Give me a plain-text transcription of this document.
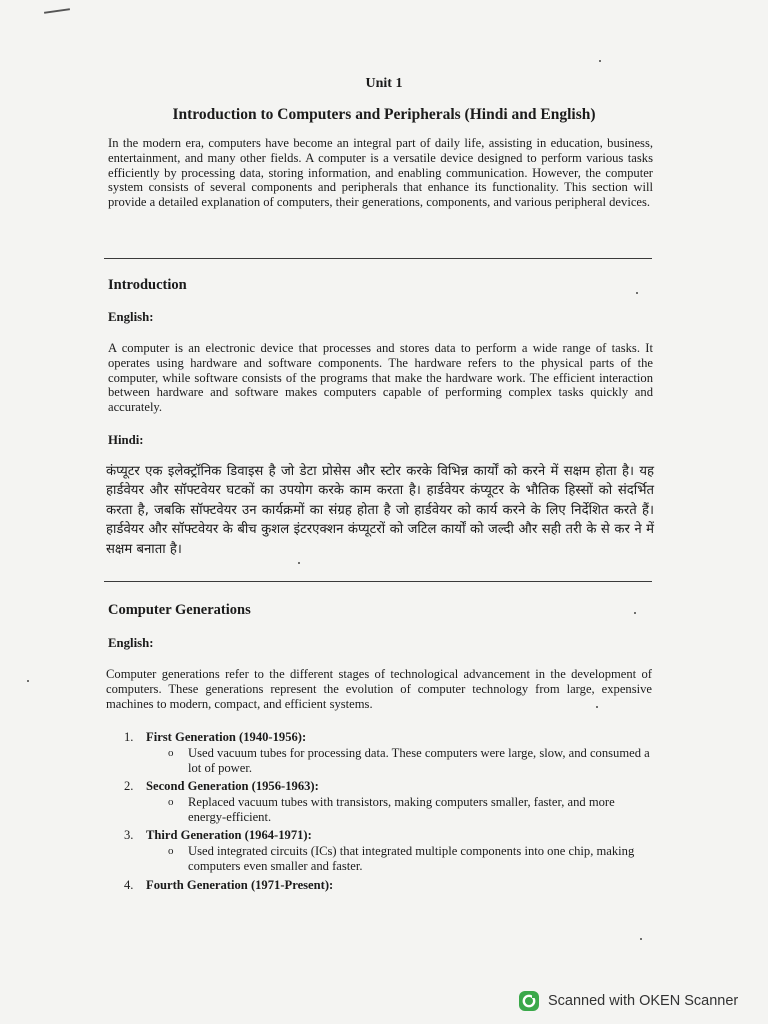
Unit 1
Introduction to Computers and Peripherals (Hindi and English)

In the modern era, computers have become an integral part of daily life, assisting in education, business, entertainment, and many other fields. A computer is a versatile device designed to perform various tasks efficiently by processing data, storing information, and enabling communication. However, the computer system consists of several components and peripherals that enhance its functionality. This section will provide a detailed explanation of computers, their generations, components, and various peripheral devices.

Introduction
English:

A computer is an electronic device that processes and stores data to perform a wide range of tasks. It operates using hardware and software components. The hardware refers to the physical parts of the computer, while software consists of the programs that make the hardware work. The efficient interaction between hardware and software makes computers capable of performing complex tasks quickly and accurately.

Hindi:

कंप्यूटर एक इलेक्ट्रॉनिक डिवाइस है जो डेटा प्रोसेस और स्टोर करके विभिन्न कार्यों को करने में सक्षम होता है। यह हार्डवेयर और सॉफ्टवेयर घटकों का उपयोग करके काम करता है। हार्डवेयर कंप्यूटर के भौतिक हिस्सों को संदर्भित करता है, जबकि सॉफ्टवेयर उन कार्यक्रमों का संग्रह होता है जो हार्डवेयर को कार्य करने के लिए निर्देशित करते हैं। हार्डवेयर और सॉफ्टवेयर के बीच कुशल इंटरएक्शन कंप्यूटरों को जटिल कार्यों को जल्दी और सही तरी के से कर ने में सक्षम बनाता है।

Computer Generations
English:

Computer generations refer to the different stages of technological advancement in the development of computers. These generations represent the evolution of computer technology from large, expensive machines to modern, compact, and efficient systems.

1. First Generation (1940-1956):
o Used vacuum tubes for processing data. These computers were large, slow, and consumed a lot of power.
2. Second Generation (1956-1963):
o Replaced vacuum tubes with transistors, making computers smaller, faster, and more energy-efficient.
3. Third Generation (1964-1971):
o Used integrated circuits (ICs) that integrated multiple components into one chip, making computers even smaller and faster.
4. Fourth Generation (1971-Present):
Scanned with OKEN Scanner
